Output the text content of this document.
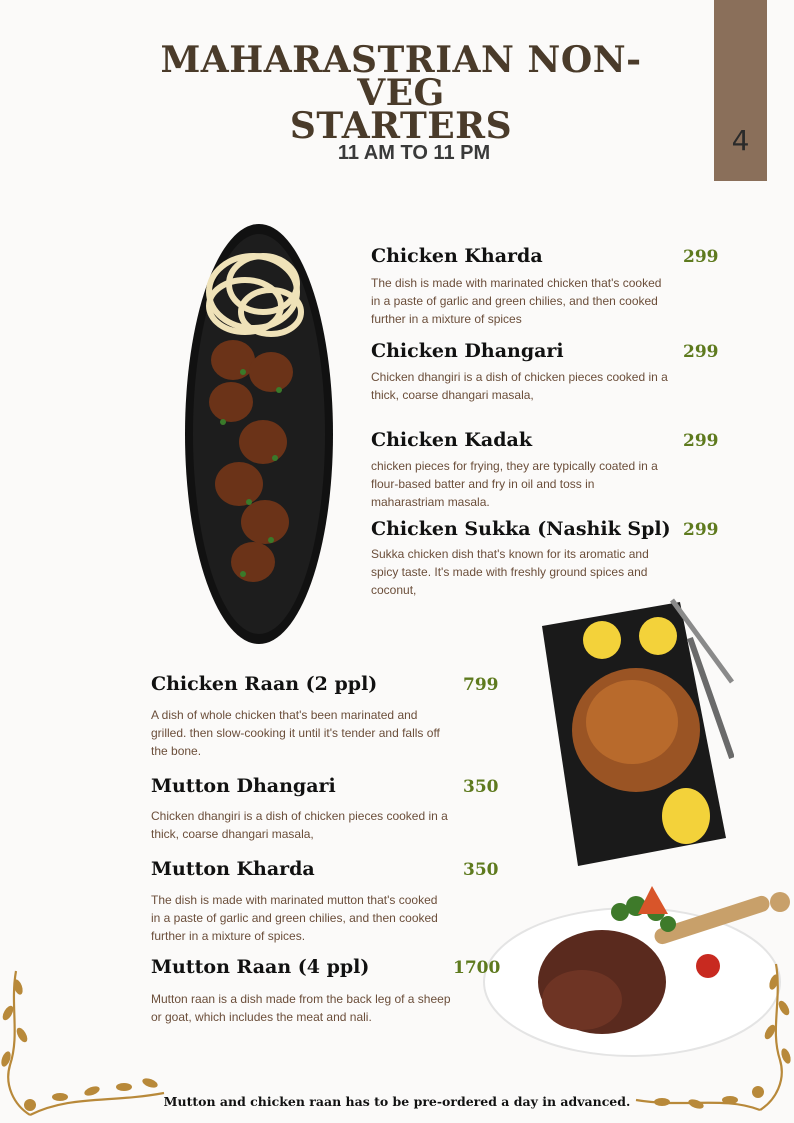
4
MAHARASTRIAN NON-VEG
STARTERS
11 AM TO 11 PM
Chicken Kharda	299
The dish is made with marinated chicken that's cooked
in a paste of garlic and green chilies, and then cooked
further in a mixture of spices
Chicken Dhangari	299
Chicken dhangiri is a dish of chicken pieces cooked in a
thick, coarse dhangari masala,
Chicken Kadak	299
chicken pieces for frying, they are typically coated in a
flour-based batter and fry in oil and toss in
maharastriam masala.
Chicken Sukka (Nashik Spl) 299
Sukka chicken dish that's known for its aromatic and
spicy taste. It's made with freshly ground spices and
coconut,
Chicken Raan (2 ppl)	799
A dish of whole chicken that's been marinated and
grilled. then slow-cooking it until it's tender and falls off
the bone.
Mutton Dhangari	350
Chicken dhangiri is a dish of chicken pieces cooked in a
thick, coarse dhangari masala,
Mutton Kharda	350
The dish is made with marinated mutton that's cooked
in a paste of garlic and green chilies, and then cooked
further in a mixture of spices.
Mutton Raan (4 ppl)	1700
Mutton raan is a dish made from the back leg of a sheep
or goat, which includes the meat and nali.
Mutton and chicken raan has to be pre-ordered a day in advanced.
